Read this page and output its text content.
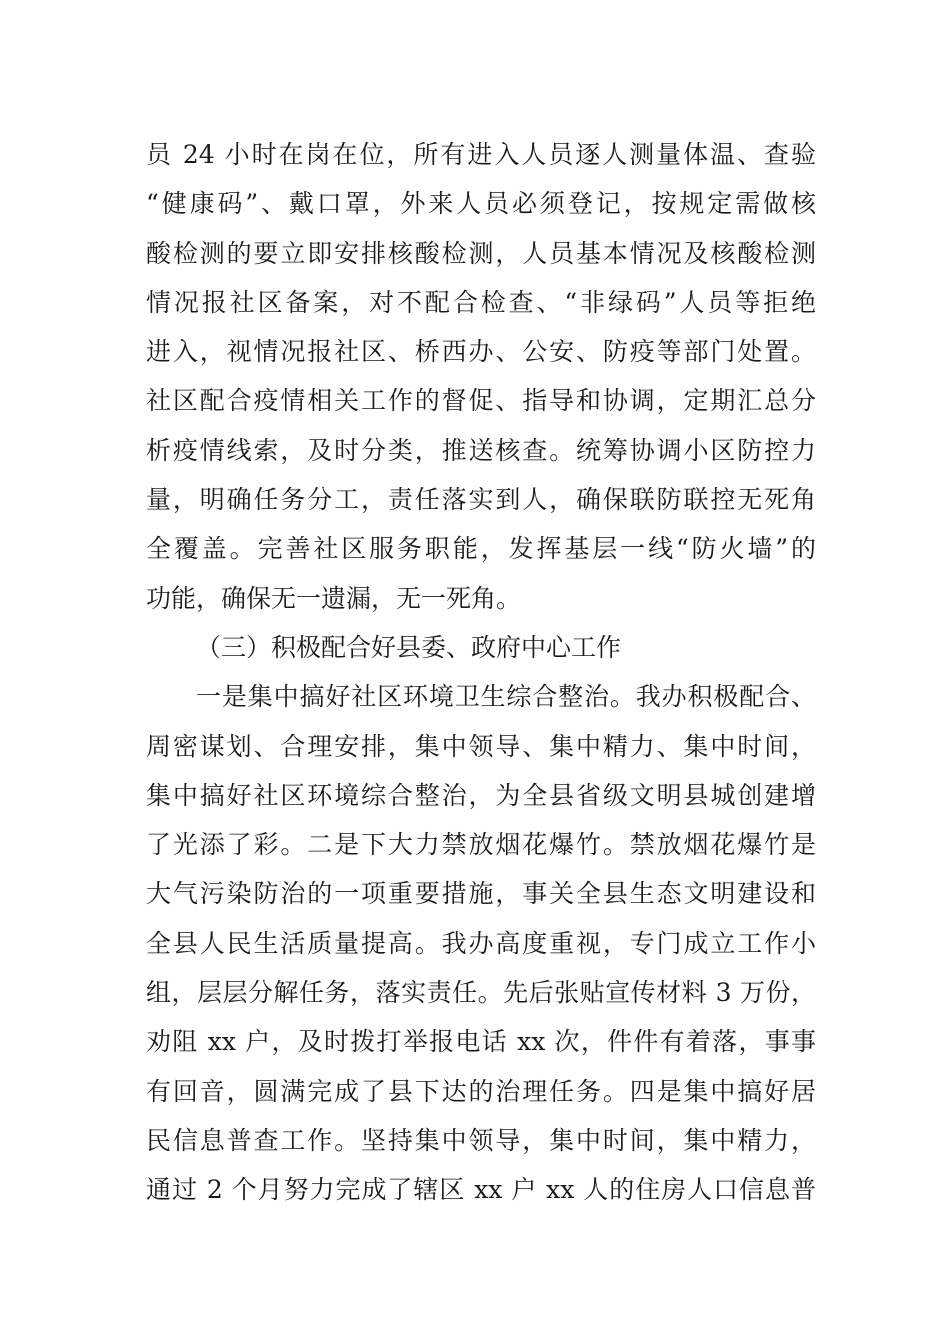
员 24 小时在岗在位，所有进入人员逐人测量体温、查验
“健康码”、戴口罩，外来人员必须登记，按规定需做核
酸检测的要立即安排核酸检测，人员基本情况及核酸检测
情况报社区备案，对不配合检查、“非绿码”人员等拒绝
进入，视情况报社区、桥西办、公安、防疫等部门处置。
社区配合疫情相关工作的督促、指导和协调，定期汇总分
析疫情线索，及时分类，推送核查。统筹协调小区防控力
量，明确任务分工，责任落实到人，确保联防联控无死角
全覆盖。完善社区服务职能，发挥基层一线“防火墙”的
功能，确保无一遗漏，无一死角。
（三）积极配合好县委、政府中心工作
一是集中搞好社区环境卫生综合整治。我办积极配合、
周密谋划、合理安排，集中领导、集中精力、集中时间，
集中搞好社区环境综合整治，为全县省级文明县城创建增
了光添了彩。二是下大力禁放烟花爆竹。禁放烟花爆竹是
大气污染防治的一项重要措施，事关全县生态文明建设和
全县人民生活质量提高。我办高度重视，专门成立工作小
组，层层分解任务，落实责任。先后张贴宣传材料 3 万份，
劝阻 xx 户，及时拨打举报电话 xx 次，件件有着落，事事
有回音，圆满完成了县下达的治理任务。四是集中搞好居
民信息普查工作。坚持集中领导，集中时间，集中精力，
通过 2 个月努力完成了辖区 xx 户 xx 人的住房人口信息普
